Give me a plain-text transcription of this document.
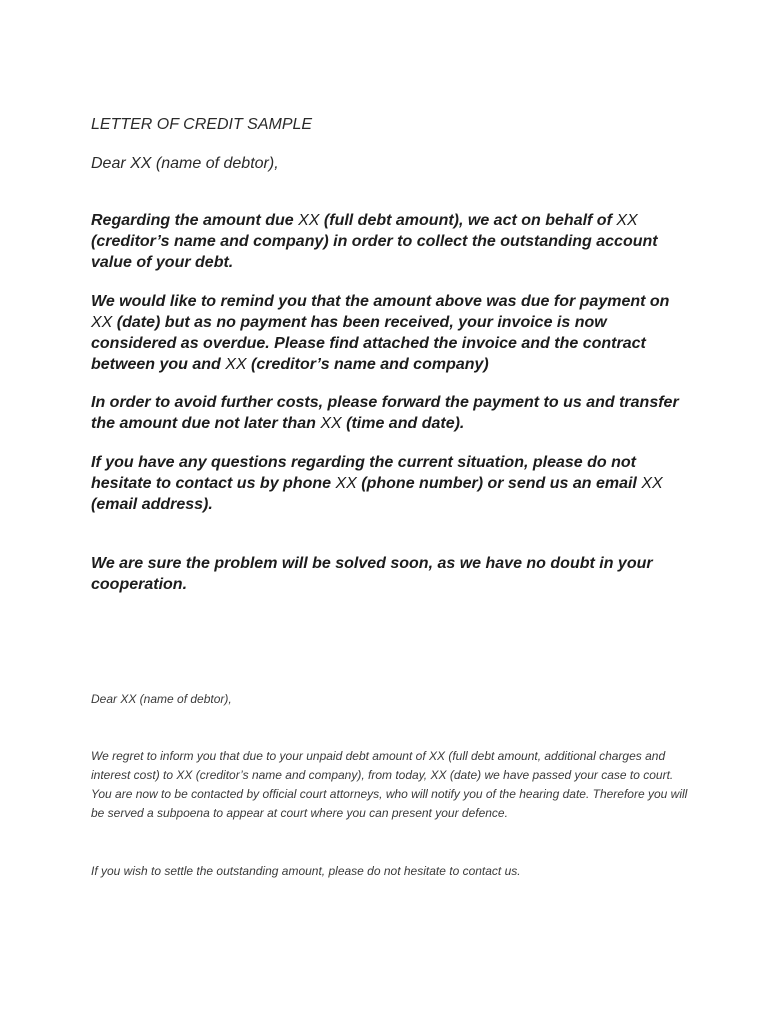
LETTER OF CREDIT SAMPLE

Dear XX (name of debtor),

Regarding the amount due XX (full debt amount), we act on behalf of XX (creditor’s name and company) in order to collect the outstanding account value of your debt.

We would like to remind you that the amount above was due for payment on XX (date) but as no payment has been received, your invoice is now considered as overdue. Please find attached the invoice and the contract between you and XX (creditor’s name and company)

In order to avoid further costs, please forward the payment to us and transfer the amount due not later than XX (time and date).

If you have any questions regarding the current situation, please do not hesitate to contact us by phone XX (phone number) or send us an email XX (email address).

We are sure the problem will be solved soon, as we have no doubt in your cooperation.

Dear XX (name of debtor),

We regret to inform you that due to your unpaid debt amount of XX (full debt amount, additional charges and interest cost) to XX (creditor’s name and company), from today, XX (date) we have passed your case to court. You are now to be contacted by official court attorneys, who will notify you of the hearing date. Therefore you will be served a subpoena to appear at court where you can present your defence.

If you wish to settle the outstanding amount, please do not hesitate to contact us.
